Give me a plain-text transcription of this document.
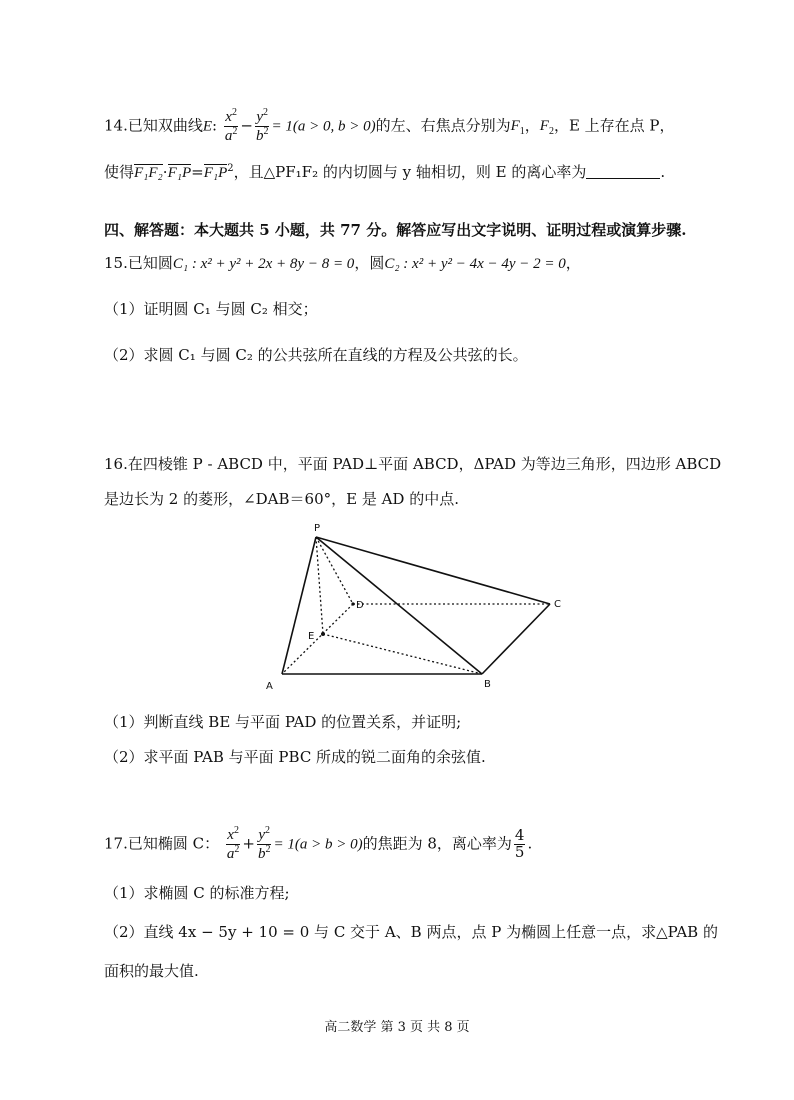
14.已知双曲线E: $\frac{x^2}{a^2} - \frac{y^2}{b^2} = 1(a > 0$, b > 0)的左、右焦点分别为$F_1$，$F_2$，E 上存在点 P，
使得$F_1F_2\cdot F_1P=F_1P^2$，且△PF₁F₂ 的内切圆与 y 轴相切，则 E 的离心率为	.
四、解答题：本大题共 5 小题，共 77 分。解答应写出文字说明、证明过程或演算步骤.
15.已知圆C₁ : x² + y² + 2x + 8y − 8 = 0，圆C₂ : x² + y² − 4x − 4y − 2 = 0，
（1）证明圆 C₁ 与圆 C₂ 相交；
（2）求圆 C₁ 与圆 C₂ 的公共弦所在直线的方程及公共弦的长。
16.在四棱锥 P - ABCD 中，平面 PAD⊥平面 ABCD，ΔPAD 为等边三角形，四边形 ABCD
是边长为 2 的菱形，∠DAB＝60°，E 是 AD 的中点.
P
D	C
E
A	B
（1）判断直线 BE 与平面 PAD 的位置关系，并证明;
（2）求平面 PAB 与平面 PBC 所成的锐二面角的余弦值.
17.已知椭圆 C： $\frac{x^2}{a^2} + \frac{y^2}{b^2} = 1(a > b > 0)$的焦距为 8，离心率为 $\frac{4}{5}$ .
（1）求椭圆 C 的标准方程;
（2）直线 4x − 5y + 10 = 0 与 C 交于 A、B 两点，点 P 为椭圆上任意一点，求△PAB 的
面积的最大值.
高二数学 第 3 页 共 8 页
